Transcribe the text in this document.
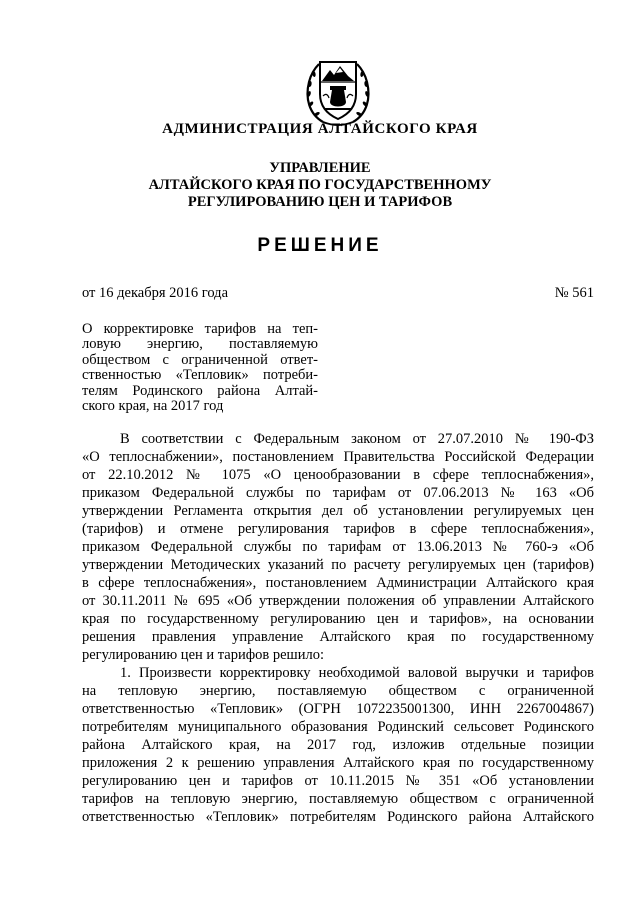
АДМИНИСТРАЦИЯ АЛТАЙСКОГО КРАЯ
УПРАВЛЕНИЕ
АЛТАЙСКОГО КРАЯ ПО ГОСУДАРСТВЕННОМУ
РЕГУЛИРОВАНИЮ ЦЕН И ТАРИФОВ
РЕШЕНИЕ
от 16 декабря 2016 года	№ 561
О корректировке тарифов на теп-
ловую энергию, поставляемую
обществом с ограниченной ответ-
ственностью «Тепловик» потреби-
телям Родинского района Алтай-
ского края, на 2017 год
В соответствии с Федеральным законом от 27.07.2010 № 190-ФЗ
«О теплоснабжении», постановлением Правительства Российской Федерации
от 22.10.2012 № 1075 «О ценообразовании в сфере теплоснабжения»,
приказом Федеральной службы по тарифам от 07.06.2013 № 163 «Об
утверждении Регламента открытия дел об установлении регулируемых цен
(тарифов) и отмене регулирования тарифов в сфере теплоснабжения»,
приказом Федеральной службы по тарифам от 13.06.2013 № 760-э «Об
утверждении Методических указаний по расчету регулируемых цен (тарифов)
в сфере теплоснабжения», постановлением Администрации Алтайского края
от 30.11.2011 № 695 «Об утверждении положения об управлении Алтайского
края по государственному регулированию цен и тарифов», на основании
решения правления управление Алтайского края по государственному
регулированию цен и тарифов решило:
1. Произвести корректировку необходимой валовой выручки и тарифов
на тепловую энергию, поставляемую обществом с ограниченной
ответственностью «Тепловик» (ОГРН 1072235001300, ИНН 2267004867)
потребителям муниципального образования Родинский сельсовет Родинского
района Алтайского края, на 2017 год, изложив отдельные позиции
приложения 2 к решению управления Алтайского края по государственному
регулированию цен и тарифов от 10.11.2015 № 351 «Об установлении
тарифов на тепловую энергию, поставляемую обществом с ограниченной
ответственностью «Тепловик» потребителям Родинского района Алтайского
